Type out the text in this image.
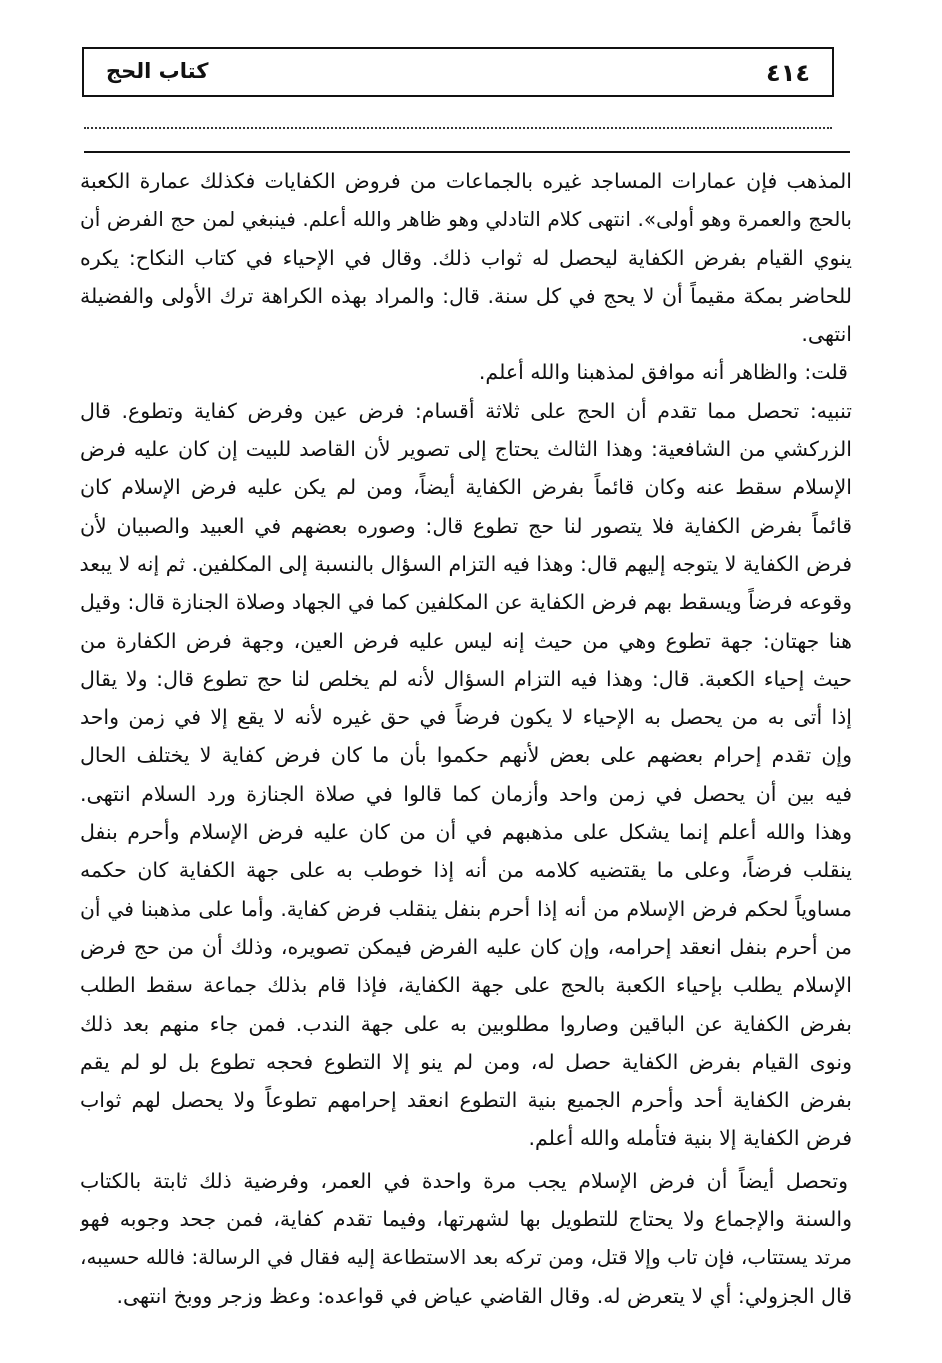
٤١٤
كتاب الحج

المذهب فإن عمارات المساجد غيره بالجماعات من فروض الكفايات فكذلك عمارة الكعبة
بالحج والعمرة وهو أولى». انتهى كلام التادلي وهو ظاهر والله أعلم. فينبغي لمن حج الفرض أن
ينوي القيام بفرض الكفاية ليحصل له ثواب ذلك. وقال في الإحياء في كتاب النكاح: يكره
للحاضر بمكة مقيماً أن لا يحج في كل سنة. قال: والمراد بهذه الكراهة ترك الأولى والفضيلة
انتهى.

قلت: والظاهر أنه موافق لمذهبنا والله أعلم.

تنبيه: تحصل مما تقدم أن الحج على ثلاثة أقسام: فرض عين وفرض كفاية وتطوع. قال
الزركشي من الشافعية: وهذا الثالث يحتاج إلى تصوير لأن القاصد للبيت إن كان عليه فرض
الإسلام سقط عنه وكان قائماً بفرض الكفاية أيضاً، ومن لم يكن عليه فرض الإسلام كان
قائماً بفرض الكفاية فلا يتصور لنا حج تطوع قال: وصوره بعضهم في العبيد والصبيان لأن
فرض الكفاية لا يتوجه إليهم قال: وهذا فيه التزام السؤال بالنسبة إلى المكلفين. ثم إنه لا يبعد
وقوعه فرضاً ويسقط بهم فرض الكفاية عن المكلفين كما في الجهاد وصلاة الجنازة قال: وقيل
هنا جهتان: جهة تطوع وهي من حيث إنه ليس عليه فرض العين، وجهة فرض الكفارة من
حيث إحياء الكعبة. قال: وهذا فيه التزام السؤال لأنه لم يخلص لنا حج تطوع قال: ولا يقال
إذا أتى به من يحصل به الإحياء لا يكون فرضاً في حق غيره لأنه لا يقع إلا في زمن واحد
وإن تقدم إحرام بعضهم على بعض لأنهم حكموا بأن ما كان فرض كفاية لا يختلف الحال
فيه بين أن يحصل في زمن واحد وأزمان كما قالوا في صلاة الجنازة ورد السلام انتهى.
وهذا والله أعلم إنما يشكل على مذهبهم في أن من كان عليه فرض الإسلام وأحرم بنفل
ينقلب فرضاً، وعلى ما يقتضيه كلامه من أنه إذا خوطب به على جهة الكفاية كان حكمه
مساوياً لحكم فرض الإسلام من أنه إذا أحرم بنفل ينقلب فرض كفاية. وأما على مذهبنا في أن
من أحرم بنفل انعقد إحرامه، وإن كان عليه الفرض فيمكن تصويره، وذلك أن من حج فرض
الإسلام يطلب بإحياء الكعبة بالحج على جهة الكفاية، فإذا قام بذلك جماعة سقط الطلب
بفرض الكفاية عن الباقين وصاروا مطلوبين به على جهة الندب. فمن جاء منهم بعد ذلك
ونوى القيام بفرض الكفاية حصل له، ومن لم ينو إلا التطوع فحجه تطوع بل لو لم يقم
بفرض الكفاية أحد وأحرم الجميع بنية التطوع انعقد إحرامهم تطوعاً ولا يحصل لهم ثواب
فرض الكفاية إلا بنية فتأمله والله أعلم.

وتحصل أيضاً أن فرض الإسلام يجب مرة واحدة في العمر، وفرضية ذلك ثابتة بالكتاب
والسنة والإجماع ولا يحتاج للتطويل بها لشهرتها، وفيما تقدم كفاية، فمن جحد وجوبه فهو
مرتد يستتاب، فإن تاب وإلا قتل، ومن تركه بعد الاستطاعة إليه فقال في الرسالة: فالله حسيبه،
قال الجزولي: أي لا يتعرض له. وقال القاضي عياض في قواعده: وعظ وزجر ووبخ انتهى.
